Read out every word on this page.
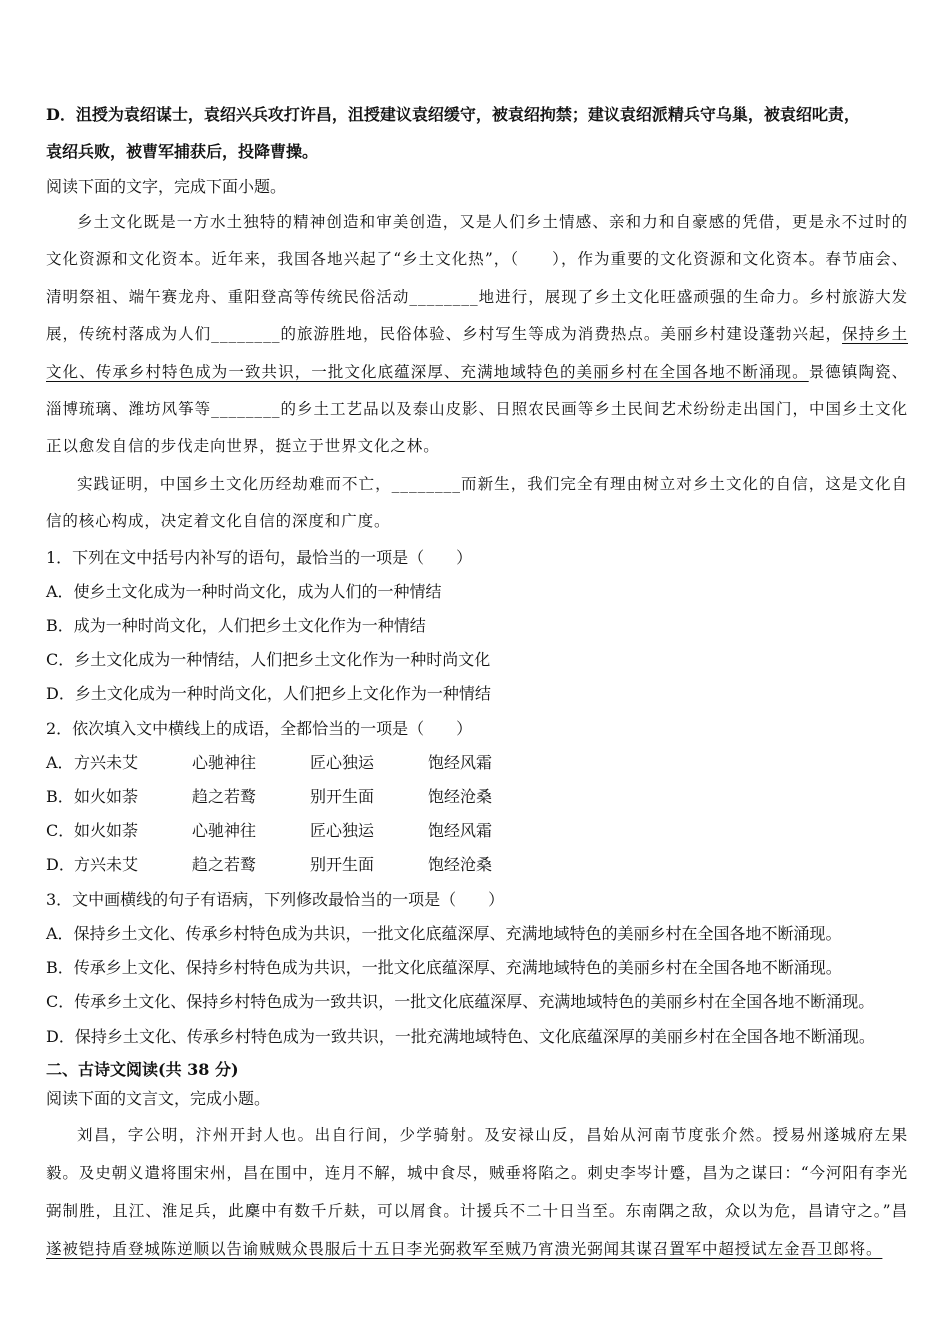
D．沮授为袁绍谋士，袁绍兴兵攻打许昌，沮授建议袁绍缓守，被袁绍拘禁；建议袁绍派精兵守乌巢，被袁绍叱责，

袁绍兵败，被曹军捕获后，投降曹操。

阅读下面的文字，完成下面小题。

乡土文化既是一方水土独特的精神创造和审美创造，又是人们乡土情感、亲和力和自豪感的凭借，更是永不过时的文化资源和文化资本。近年来，我国各地兴起了“乡土文化热”，（　　），作为重要的文化资源和文化资本。春节庙会、清明祭祖、端午赛龙舟、重阳登高等传统民俗活动________地进行，展现了乡土文化旺盛顽强的生命力。乡村旅游大发展，传统村落成为人们________的旅游胜地，民俗体验、乡村写生等成为消费热点。美丽乡村建设蓬勃兴起，保持乡土文化、传承乡村特色成为一致共识，一批文化底蕴深厚、充满地域特色的美丽乡村在全国各地不断涌现。景德镇陶瓷、淄博琉璃、潍坊风筝等________的乡土工艺品以及泰山皮影、日照农民画等乡土民间艺术纷纷走出国门，中国乡土文化正以愈发自信的步伐走向世界，挺立于世界文化之林。

实践证明，中国乡土文化历经劫难而不亡，________而新生，我们完全有理由树立对乡土文化的自信，这是文化自信的核心构成，决定着文化自信的深度和广度。

1．下列在文中括号内补写的语句，最恰当的一项是（　　）

A．使乡土文化成为一种时尚文化，成为人们的一种情结

B．成为一种时尚文化，人们把乡土文化作为一种情结

C．乡土文化成为一种情结，人们把乡土文化作为一种时尚文化

D．乡土文化成为一种时尚文化，人们把乡上文化作为一种情结

2．依次填入文中横线上的成语，全都恰当的一项是（　　）

A．方兴未艾	心驰神往	匠心独运	饱经风霜

B．如火如荼	趋之若鹜	别开生面	饱经沧桑

C．如火如荼	心驰神往	匠心独运	饱经风霜

D．方兴未艾	趋之若鹜	别开生面	饱经沧桑

3．文中画横线的句子有语病，下列修改最恰当的一项是（　　）

A．保持乡土文化、传承乡村特色成为共识，一批文化底蕴深厚、充满地域特色的美丽乡村在全国各地不断涌现。

B．传承乡上文化、保持乡村特色成为共识，一批文化底蕴深厚、充满地域特色的美丽乡村在全国各地不断涌现。

C．传承乡土文化、保持乡村特色成为一致共识，一批文化底蕴深厚、充满地域特色的美丽乡村在全国各地不断涌现。

D．保持乡土文化、传承乡村特色成为一致共识，一批充满地域特色、文化底蕴深厚的美丽乡村在全国各地不断涌现。

二、古诗文阅读(共 38 分)

阅读下面的文言文，完成小题。

刘昌，字公明，汴州开封人也。出自行间，少学骑射。及安禄山反，昌始从河南节度张介然。授易州遂城府左果毅。及史朝义遣将围宋州，昌在围中，连月不解，城中食尽，贼垂将陷之。刺史李岑计蹙，昌为之谋曰：“今河阳有李光弼制胜，且江、淮足兵，此麇中有数千斤麸，可以屑食。计援兵不二十日当至。东南隅之敌，众以为危，昌请守之。”昌遂被铠持盾登城陈逆顺以告谕贼贼众畏服后十五日李光弼救军至贼乃宵溃光弼闻其谋召置军中超授试左金吾卫郎将。
